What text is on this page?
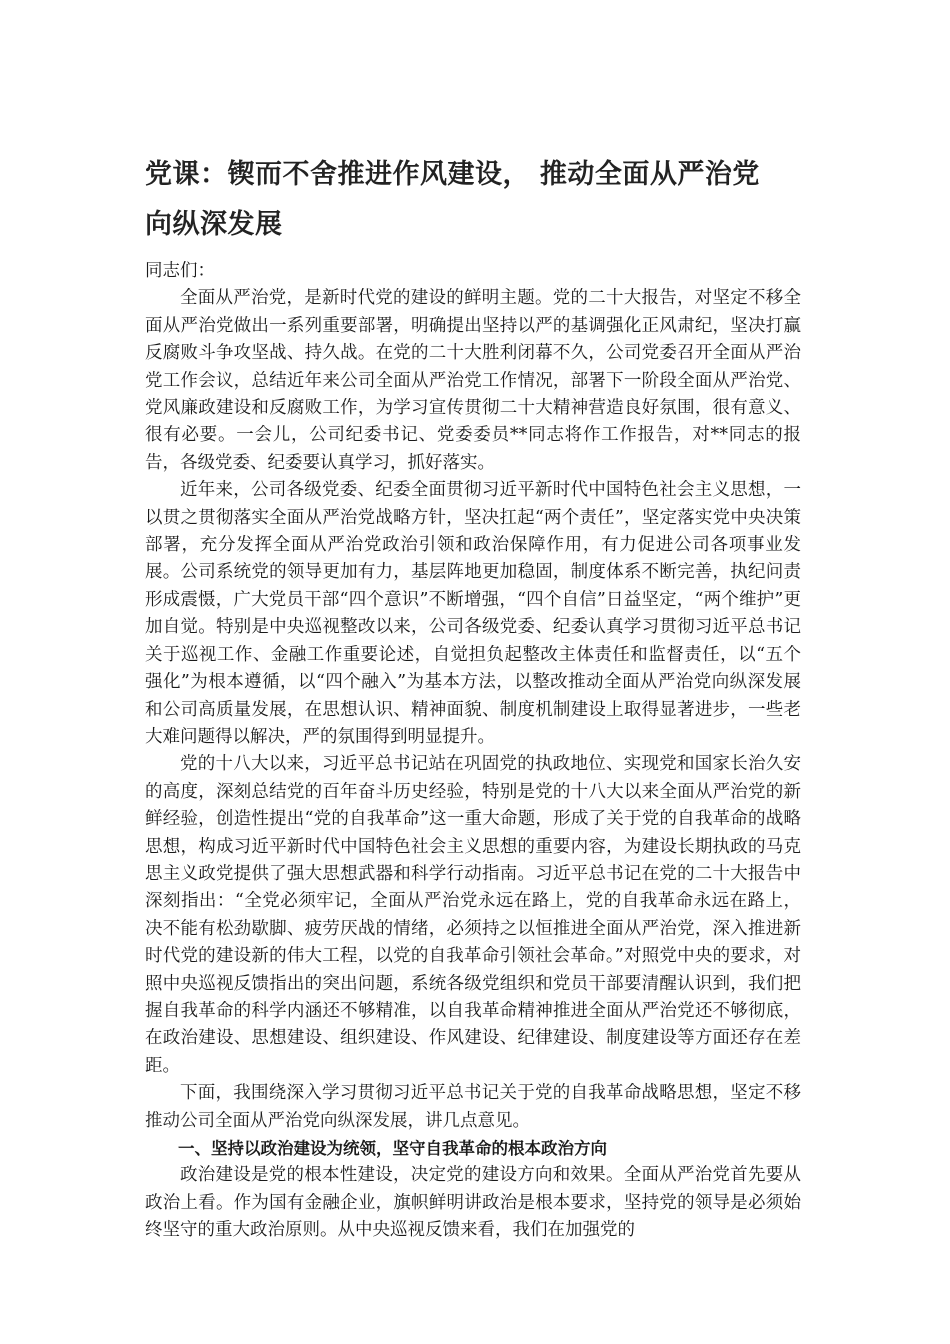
党课：锲而不舍推进作风建设， 推动全面从严治党
向纵深发展

同志们：

全面从严治党，是新时代党的建设的鲜明主题。党的二十大报告，对坚定不移全面从严治党做出一系列重要部署，明确提出坚持以严的基调强化正风肃纪，坚决打赢反腐败斗争攻坚战、持久战。在党的二十大胜利闭幕不久，公司党委召开全面从严治党工作会议，总结近年来公司全面从严治党工作情况，部署下一阶段全面从严治党、党风廉政建设和反腐败工作，为学习宣传贯彻二十大精神营造良好氛围，很有意义、很有必要。一会儿，公司纪委书记、党委委员**同志将作工作报告，对**同志的报告，各级党委、纪委要认真学习，抓好落实。

近年来，公司各级党委、纪委全面贯彻习近平新时代中国特色社会主义思想，一以贯之贯彻落实全面从严治党战略方针，坚决扛起“两个责任”，坚定落实党中央决策部署，充分发挥全面从严治党政治引领和政治保障作用，有力促进公司各项事业发展。公司系统党的领导更加有力，基层阵地更加稳固，制度体系不断完善，执纪问责形成震慑，广大党员干部“四个意识”不断增强，“四个自信”日益坚定，“两个维护”更加自觉。特别是中央巡视整改以来，公司各级党委、纪委认真学习贯彻习近平总书记关于巡视工作、金融工作重要论述，自觉担负起整改主体责任和监督责任，以“五个强化”为根本遵循，以“四个融入”为基本方法，以整改推动全面从严治党向纵深发展和公司高质量发展，在思想认识、精神面貌、制度机制建设上取得显著进步，一些老大难问题得以解决，严的氛围得到明显提升。

党的十八大以来，习近平总书记站在巩固党的执政地位、实现党和国家长治久安的高度，深刻总结党的百年奋斗历史经验，特别是党的十八大以来全面从严治党的新鲜经验，创造性提出“党的自我革命”这一重大命题，形成了关于党的自我革命的战略思想，构成习近平新时代中国特色社会主义思想的重要内容，为建设长期执政的马克思主义政党提供了强大思想武器和科学行动指南。习近平总书记在党的二十大报告中深刻指出：“全党必须牢记，全面从严治党永远在路上，党的自我革命永远在路上，决不能有松劲歇脚、疲劳厌战的情绪，必须持之以恒推进全面从严治党，深入推进新时代党的建设新的伟大工程，以党的自我革命引领社会革命。”对照党中央的要求，对照中央巡视反馈指出的突出问题，系统各级党组织和党员干部要清醒认识到，我们把握自我革命的科学内涵还不够精准，以自我革命精神推进全面从严治党还不够彻底，在政治建设、思想建设、组织建设、作风建设、纪律建设、制度建设等方面还存在差距。

下面，我围绕深入学习贯彻习近平总书记关于党的自我革命战略思想，坚定不移推动公司全面从严治党向纵深发展，讲几点意见。

一、坚持以政治建设为统领，坚守自我革命的根本政治方向

政治建设是党的根本性建设，决定党的建设方向和效果。全面从严治党首先要从政治上看。作为国有金融企业，旗帜鲜明讲政治是根本要求，坚持党的领导是必须始终坚守的重大政治原则。从中央巡视反馈来看，我们在加强党的
